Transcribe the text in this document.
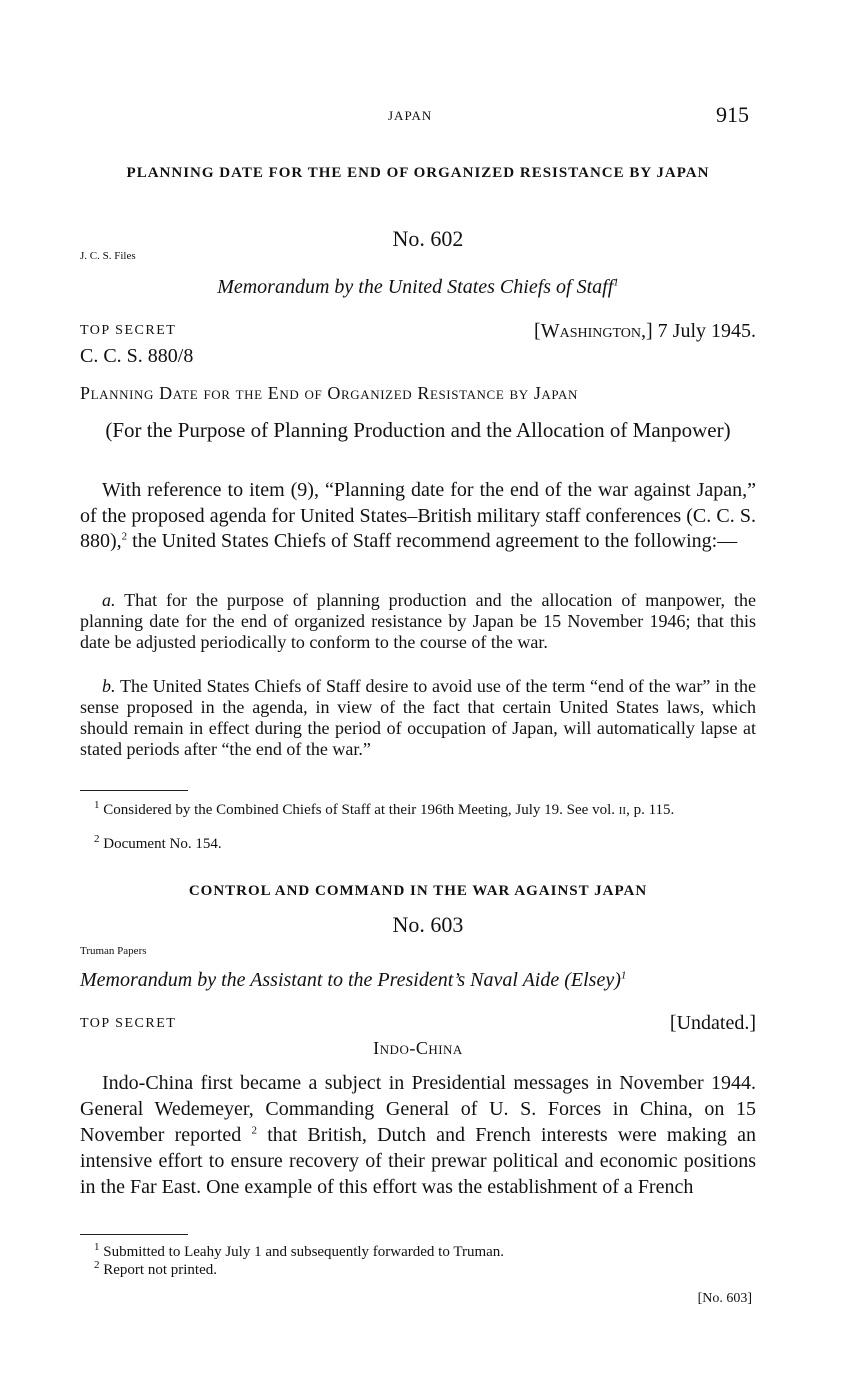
JAPAN	915
PLANNING DATE FOR THE END OF ORGANIZED RESISTANCE BY JAPAN
No. 602
J. C. S. Files
Memorandum by the United States Chiefs of Staff$^1$
TOP SECRET	[Washington,] 7 July 1945.
C. C. S. 880/8
Planning Date for the End of Organized Resistance by Japan
(For the Purpose of Planning Production and the Allocation of Manpower)
With reference to item (9), “Planning date for the end of the war against Japan,” of the proposed agenda for United States–British military staff conferences (C. C. S. 880),$^2$ the United States Chiefs of Staff recommend agreement to the following:—
a. That for the purpose of planning production and the allocation of manpower, the planning date for the end of organized resistance by Japan be 15 November 1946; that this date be adjusted periodically to conform to the course of the war.
b. The United States Chiefs of Staff desire to avoid use of the term “end of the war” in the sense proposed in the agenda, in view of the fact that certain United States laws, which should remain in effect during the period of occupation of Japan, will automatically lapse at stated periods after “the end of the war.”
$^1$ Considered by the Combined Chiefs of Staff at their 196th Meeting, July 19. See vol. ii, p. 115.
$^2$ Document No. 154.
CONTROL AND COMMAND IN THE WAR AGAINST JAPAN
No. 603
Truman Papers
Memorandum by the Assistant to the President’s Naval Aide (Elsey)$^1$
TOP SECRET	[Undated.]
Indo-China
Indo-China first became a subject in Presidential messages in November 1944. General Wedemeyer, Commanding General of U. S. Forces in China, on 15 November reported $^2$ that British, Dutch and French interests were making an intensive effort to ensure recovery of their prewar political and economic positions in the Far East. One example of this effort was the establishment of a French
$^1$ Submitted to Leahy July 1 and subsequently forwarded to Truman.
$^2$ Report not printed.
[No. 603]
